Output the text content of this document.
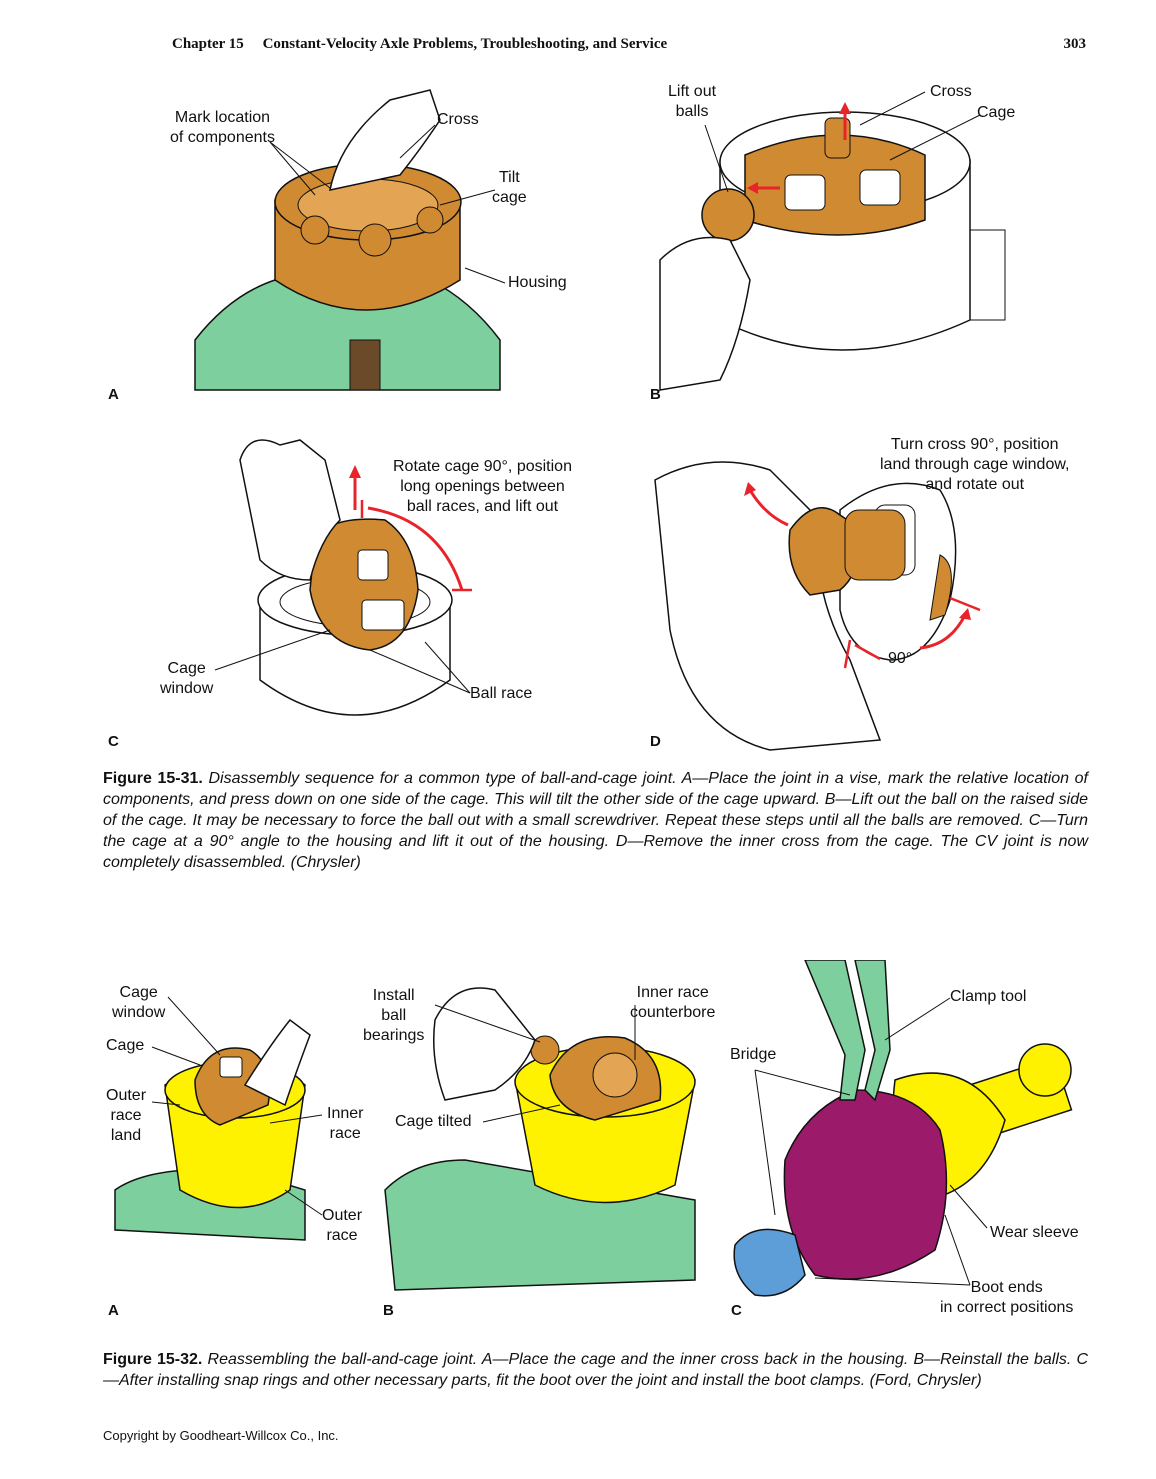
Chapter 15 Constant-Velocity Axle Problems, Troubleshooting, and Service	303
Mark location
of components
Cross
Tilt
cage
Housing
A
Lift out
balls
Cross
Cage
B
Rotate cage 90°, position
long openings between
ball races, and lift out
Cage
window	Ball race
C
Turn cross 90°, position
land through cage window,
and rotate out
90°
D
Figure 15-31. Disassembly sequence for a common type of ball-and-cage joint. A—Place the joint in a vise, mark the relative location of components, and press down on one side of the cage. This will tilt the other side of the cage upward. B—Lift out the ball on the raised side of the cage. It may be necessary to force the ball out with a small screwdriver. Repeat these steps until all the balls are removed. C—Turn the cage at a 90° angle to the housing and lift it out of the housing. D—Remove the inner cross from the cage. The CV joint is now completely disassembled. (Chrysler)
Cage
window
Cage
Outer
race
land
Inner
race
Outer
race
A
Install
ball
bearings
Inner race
counterbore
Cage tilted
B
Clamp tool
Bridge
Wear sleeve
Boot ends
in correct positions
C
Figure 15-32. Reassembling the ball-and-cage joint. A—Place the cage and the inner cross back in the housing. B—Reinstall the balls. C—After installing snap rings and other necessary parts, fit the boot over the joint and install the boot clamps. (Ford, Chrysler)
Copyright by Goodheart-Willcox Co., Inc.
